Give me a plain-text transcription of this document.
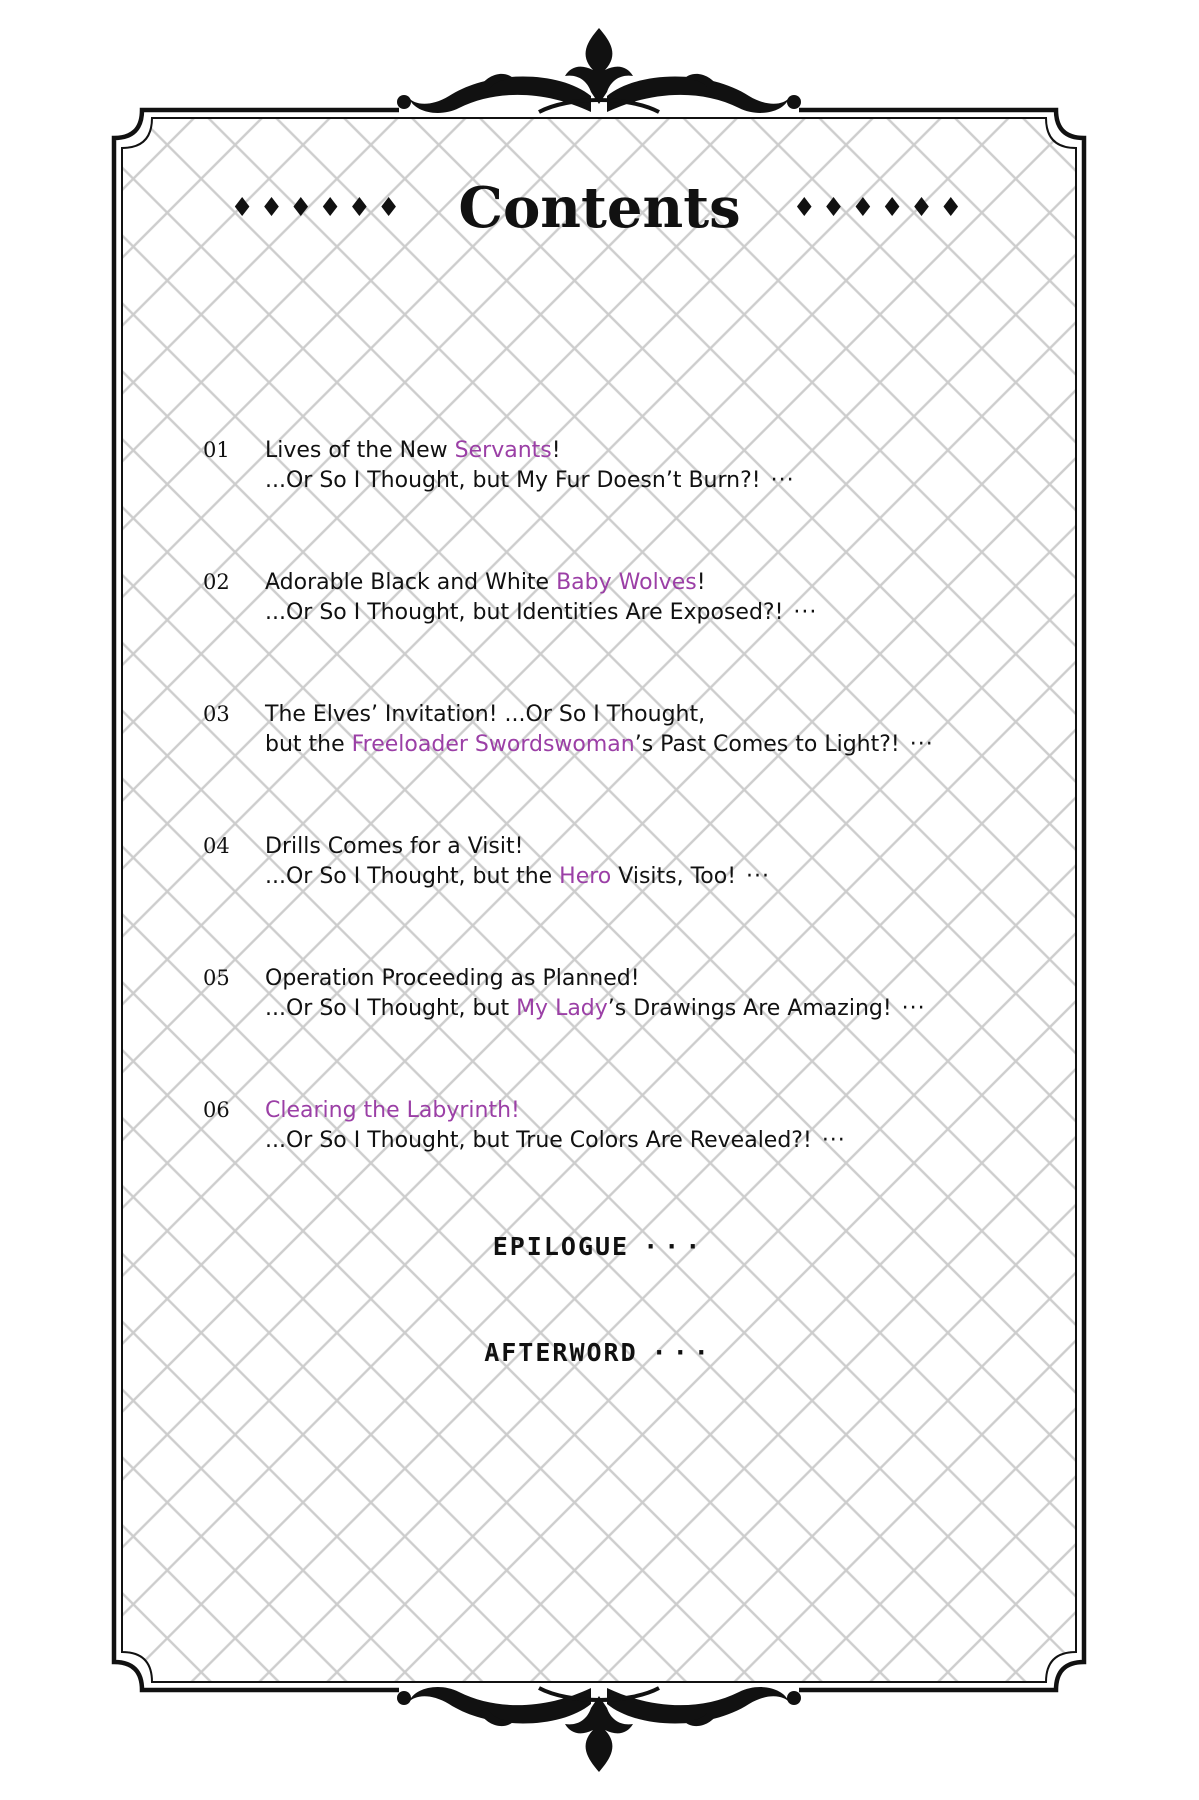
♦♦♦♦♦♦ Contents ♦♦♦♦♦♦
01 Lives of the New Servants!
...Or So I Thought, but My Fur Doesn’t Burn?! ···
02 Adorable Black and White Baby Wolves!
...Or So I Thought, but Identities Are Exposed?! ···
03 The Elves’ Invitation! ...Or So I Thought,
but the Freeloader Swordswoman’s Past Comes to Light?! ···
04 Drills Comes for a Visit!
...Or So I Thought, but the Hero Visits, Too! ···
05 Operation Proceeding as Planned!
...Or So I Thought, but My Lady’s Drawings Are Amazing! ···
06 Clearing the Labyrinth!
...Or So I Thought, but True Colors Are Revealed?! ···
EPILOGUE ···
AFTERWORD ···
